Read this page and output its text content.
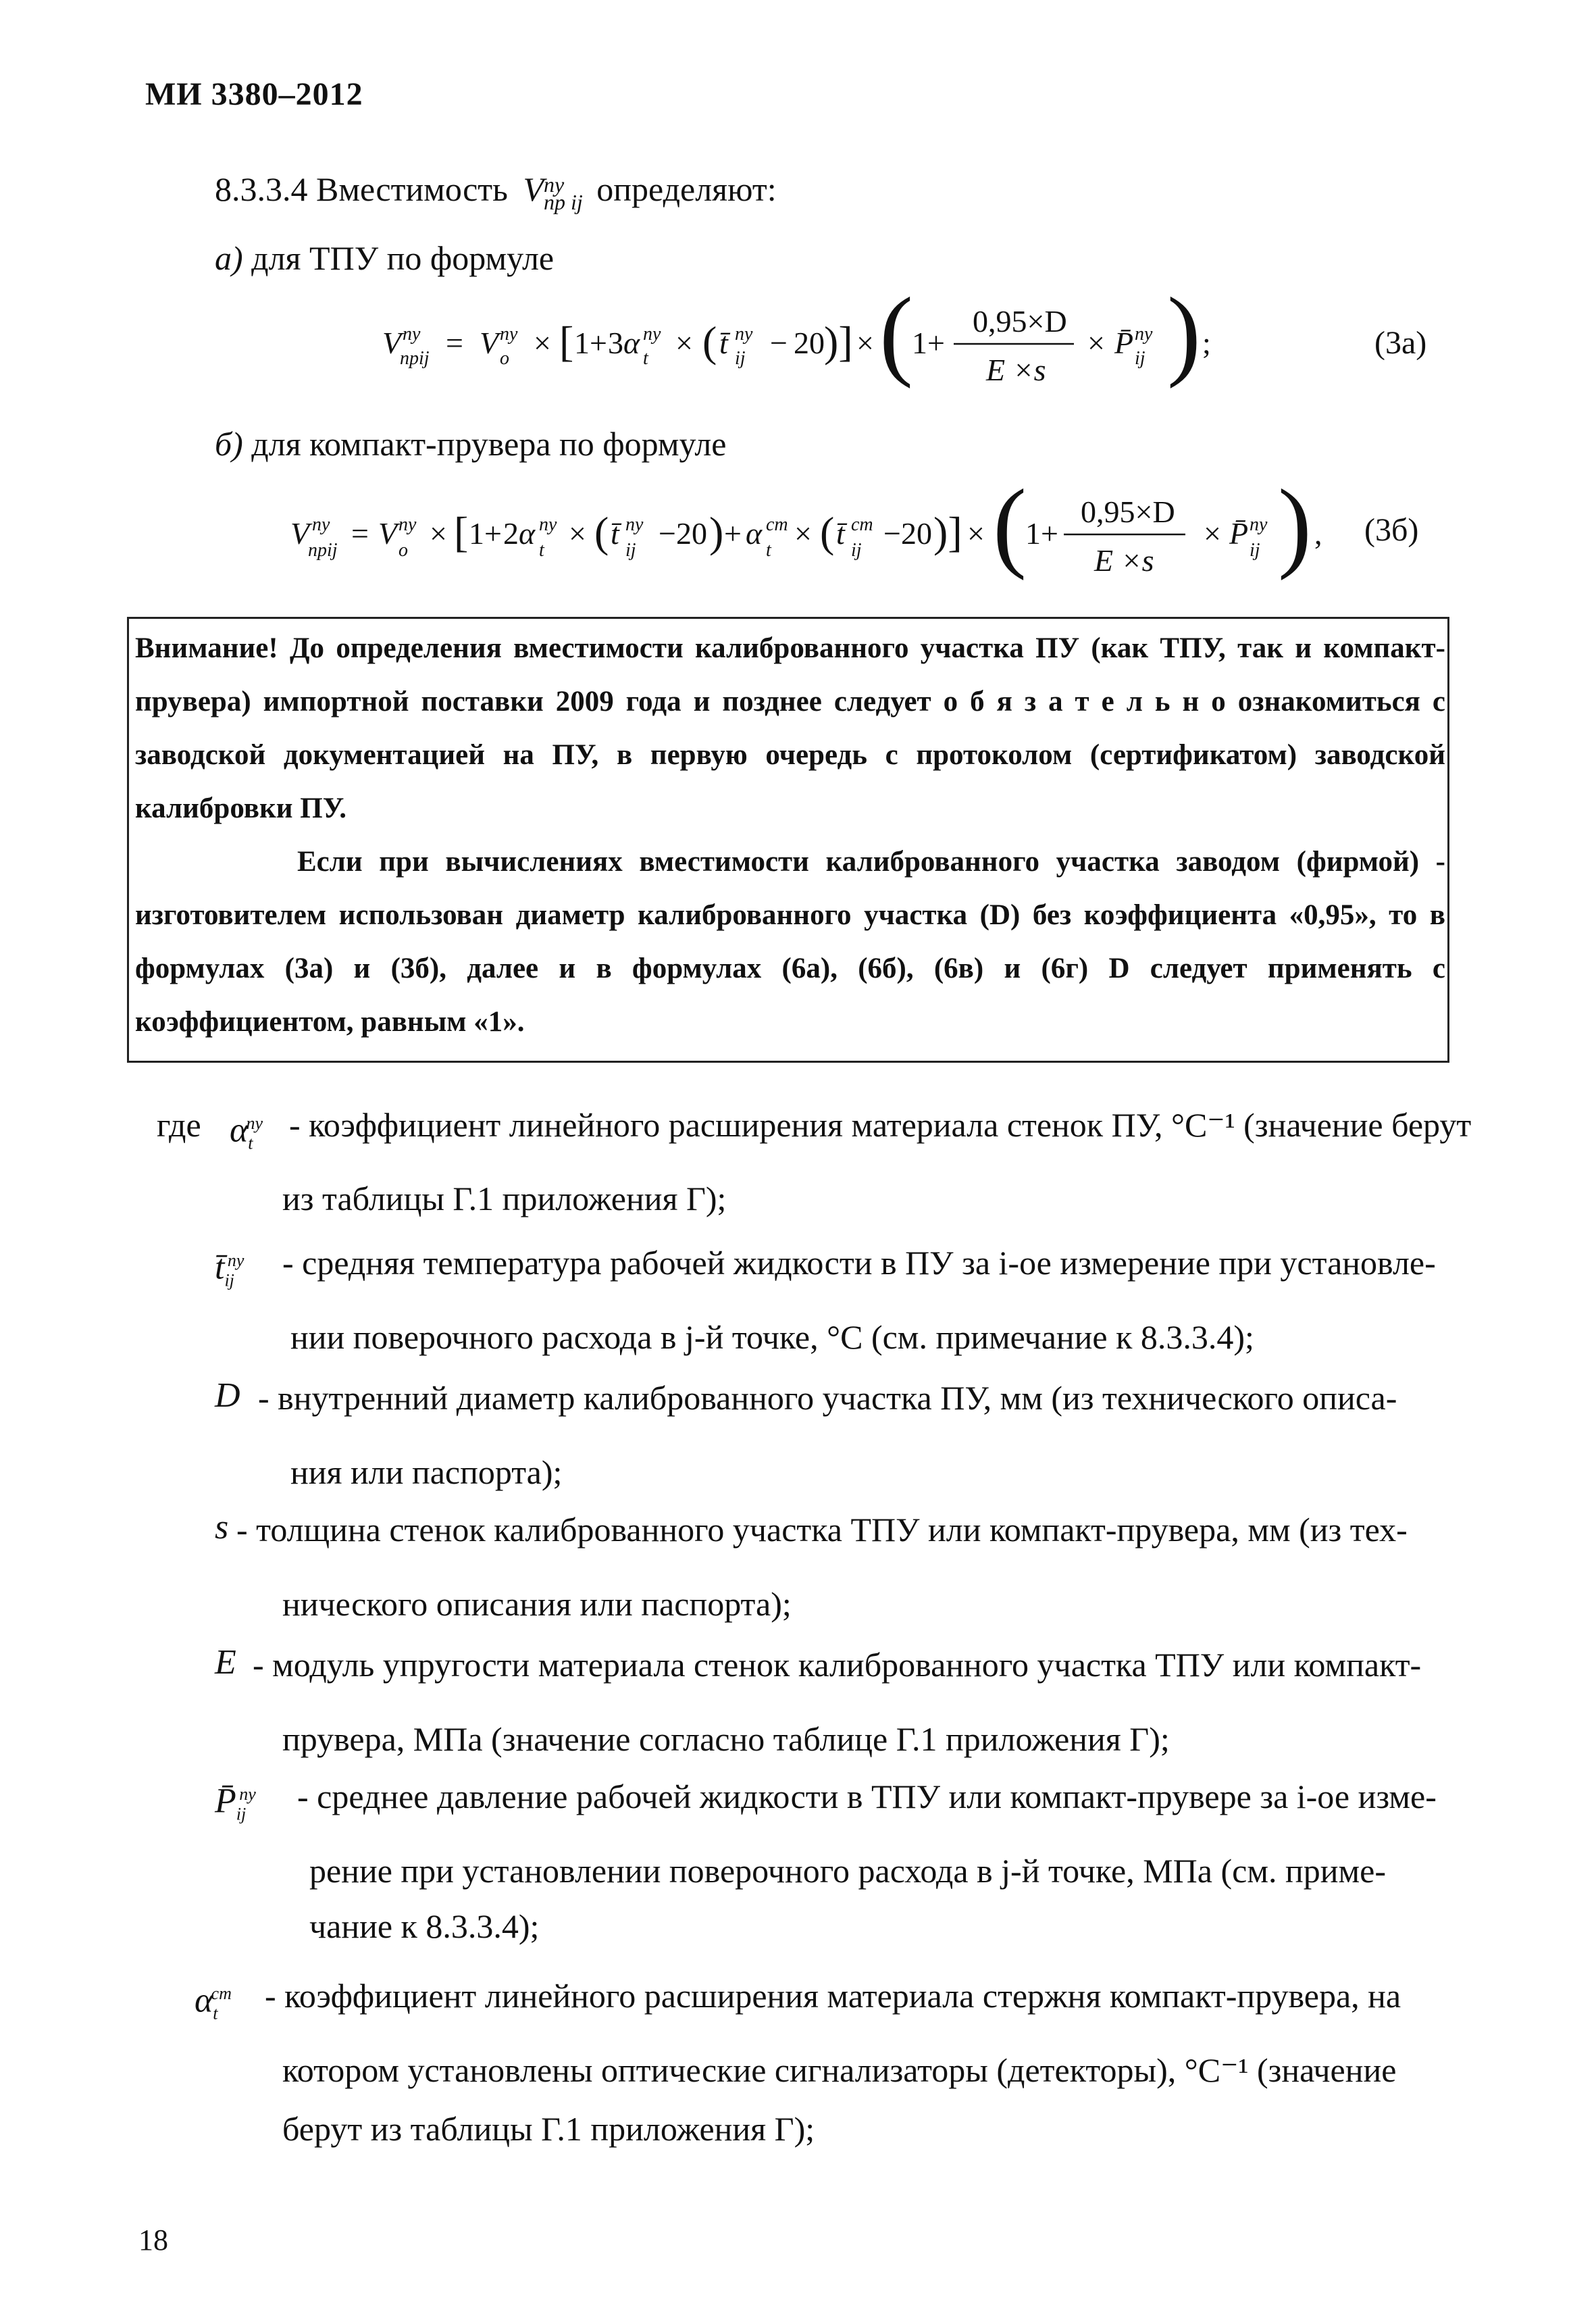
МИ 3380–2012
8.3.3.4 Вместимость V пу
пр ij определяют:
а) для ТПУ по формуле
V пу
прij = V пу
o × [ 1+ 3 α пу
t × ( t̄ пу
ij − 20 )] × (
1+
0,95×D
E ×s
× P̄ пу
ij ) ;	(3а)
б) для компакт-прувера по формуле
V пу
прij = V пу
o × [ 1+ 2 α пу
t × ( t̄ пу
ij −20 ) + α ст
t × ( t̄ ст
ij −20 )] × (
1+
0,95×D
E ×s
× P̄ пу
ij ) , (3б)

Внимание! До определения вместимости калиброванного участка ПУ (как ТПУ, так и компакт-прувера) импортной поставки 2009 года и позднее следует о б я з а т е л ь н о ознакомиться с заводской документацией на ПУ, в первую очередь с протоколом (сертификатом) заводской калибровки ПУ.

Если при вычислениях вместимости калиброванного участка заводом (фирмой) - изготовителем использован диаметр калиброванного участка (D) без коэффициента «0,95», то в формулах (3а) и (3б), далее и в формулах (6а), (6б), (6в) и (6г) D следует применять с коэффициентом, равным «1».

где $\alpha_t^{пу}$ - коэффициент линейного расширения материала стенок ПУ, °С⁻¹ (значение берут
из таблицы Г.1 приложения Г);
$t̄_{ij}^{пу}$ - средняя температура рабочей жидкости в ПУ за i-ое измерение при установле-
нии поверочного расхода в j-й точке, °С (см. примечание к 8.3.3.4);
D - внутренний диаметр калиброванного участка ПУ, мм (из технического описа-
ния или паспорта);
s - толщина стенок калиброванного участка ТПУ или компакт-прувера, мм (из тех-
нического описания или паспорта);
E - модуль упругости материала стенок калиброванного участка ТПУ или компакт-
прувера, МПа (значение согласно таблице Г.1 приложения Г);
$P̄_{ij}^{пу}$ - среднее давление рабочей жидкости в ТПУ или компакт-прувере за i-ое изме-
рение при установлении поверочного расхода в j-й точке, МПа (см. приме-
чание к 8.3.3.4);
$\alpha_t^{ст}$ - коэффициент линейного расширения материала стержня компакт-прувера, на
котором установлены оптические сигнализаторы (детекторы), °С⁻¹ (значение
берут из таблицы Г.1 приложения Г);
18
